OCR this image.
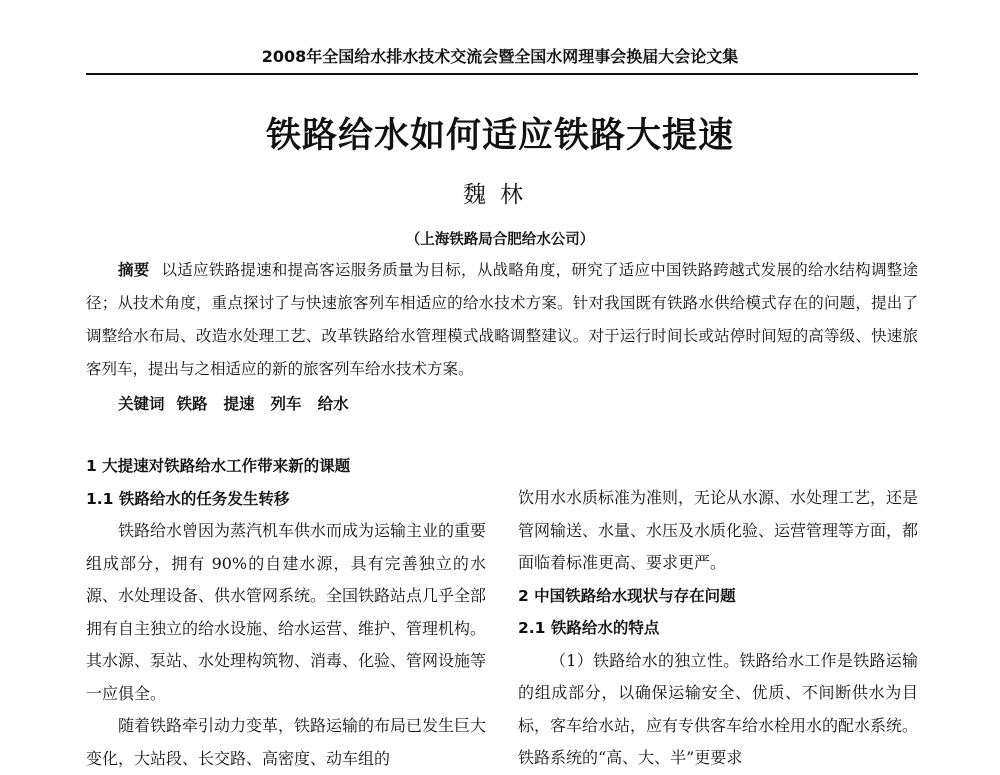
2008年全国给水排水技术交流会暨全国水网理事会换届大会论文集
铁路给水如何适应铁路大提速
魏林
（上海铁路局合肥给水公司）
摘要 以适应铁路提速和提高客运服务质量为目标，从战略角度，研究了适应中国铁路跨越式发展的给水结构调整途径；从技术角度，重点探讨了与快速旅客列车相适应的给水技术方案。针对我国既有铁路水供给模式存在的问题，提出了调整给水布局、改造水处理工艺、改革铁路给水管理模式战略调整建议。对于运行时间长或站停时间短的高等级、快速旅客列车，提出与之相适应的新的旅客列车给水技术方案。
关键词 铁路 提速 列车 给水
1 大提速对铁路给水工作带来新的课题
1.1 铁路给水的任务发生转移

铁路给水曾因为蒸汽机车供水而成为运输主业的重要组成部分，拥有 90%的自建水源，具有完善独立的水源、水处理设备、供水管网系统。全国铁路站点几乎全部拥有自主独立的给水设施、给水运营、维护、管理机构。其水源、泵站、水处理构筑物、消毒、化验、管网设施等一应俱全。

随着铁路牵引动力变革，铁路运输的布局已发生巨大变化，大站段、长交路、高密度、动车组的

饮用水水质标准为准则，无论从水源、水处理工艺，还是管网输送、水量、水压及水质化验、运营管理等方面，都面临着标准更高、要求更严。

2 中国铁路给水现状与存在问题
2.1 铁路给水的特点

（1）铁路给水的独立性。铁路给水工作是铁路运输的组成部分，以确保运输安全、优质、不间断供水为目标，客车给水站，应有专供客车给水栓用水的配水系统。铁路系统的“高、大、半”更要求
